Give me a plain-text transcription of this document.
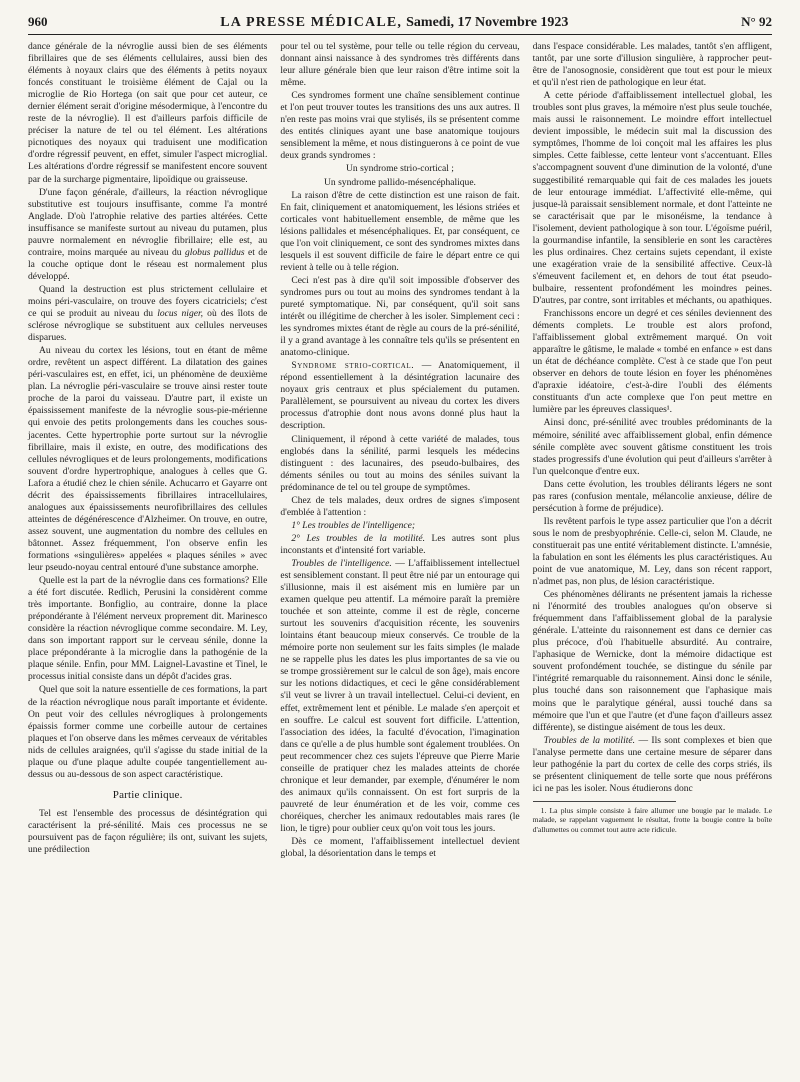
960	LA PRESSE MÉDICALE, Samedi, 17 Novembre 1923	N° 92

dance générale de la névroglie aussi bien de ses éléments fibrillaires que de ses éléments cellulaires, aussi bien des éléments à noyaux clairs que des éléments à petits noyaux foncés constituant le troisième élément de Cajal ou la microglie de Rio Hortega (on sait que pour cet auteur, ce dernier élément serait d'origine mésodermique, à l'encontre du reste de la névroglie). Il est d'ailleurs parfois difficile de préciser la nature de tel ou tel élément. Les altérations picnotiques des noyaux qui traduisent une modification d'ordre régressif peuvent, en effet, simuler l'aspect microglial. Les altérations d'ordre régressif se manifestent encore souvent par de la surcharge pigmentaire, lipoïdique ou graisseuse.

D'une façon générale, d'ailleurs, la réaction névroglique substitutive est toujours insuffisante, comme l'a montré Anglade. D'où l'atrophie relative des parties altérées. Cette insuffisance se manifeste surtout au niveau du putamen, plus pauvre normalement en névroglie fibrillaire; elle est, au contraire, moins marquée au niveau du globus pallidus et de la couche optique dont le réseau est normalement plus développé.

Quand la destruction est plus strictement cellulaire et moins péri-vasculaire, on trouve des foyers cicatriciels; c'est ce qui se produit au niveau du locus niger, où des îlots de sclérose névroglique se substituent aux cellules nerveuses disparues.

Au niveau du cortex les lésions, tout en étant de même ordre, revêtent un aspect différent. La dilatation des gaines péri-vasculaires est, en effet, ici, un phénomène de deuxième plan. La névroglie péri-vasculaire se trouve ainsi rester toute proche de la paroi du vaisseau. D'autre part, il existe un épaississement manifeste de la névroglie sous-pie-mérienne qui envoie des petits prolongements dans les couches sous-jacentes. Cette hypertrophie porte surtout sur la névroglie fibrillaire, mais il existe, en outre, des modifications des cellules névrogliques et de leurs prolongements, modifications souvent d'ordre hypertrophique, analogues à celles que G. Lafora a étudié chez le chien sénile. Achucarro et Gayarre ont décrit des épaississements fibrillaires intracellulaires, analogues aux épaississements neurofibrillaires des cellules atteintes de dégénérescence d'Alzheimer. On trouve, en outre, assez souvent, une augmentation du nombre des cellules en bâtonnet. Assez fréquemment, l'on observe enfin les formations «singulières» appelées « plaques séniles » avec leur pseudo-noyau central entouré d'une substance amorphe.

Quelle est la part de la névroglie dans ces formations? Elle a été fort discutée. Redlich, Perusini la considèrent comme très importante. Bonfiglio, au contraire, donne la place prépondérante à l'élément nerveux proprement dit. Marinesco considère la réaction névroglique comme secondaire. M. Ley, dans son important rapport sur le cerveau sénile, donne la place prépondérante à la microglie dans la pathogénie de la plaque sénile. Enfin, pour MM. Laignel-Lavastine et Tinel, le processus initial consiste dans un dépôt d'acides gras.

Quel que soit la nature essentielle de ces formations, la part de la réaction névroglique nous paraît importante et évidente. On peut voir des cellules névrogliques à prolongements épaissis former comme une corbeille autour de certaines plaques et l'on observe dans les mêmes cerveaux de véritables nids de cellules araignées, qu'il s'agisse du stade initial de la plaque ou d'une plaque adulte coupée tangentiellement au-dessus ou au-dessous de son aspect caractéristique.

Partie clinique.

Tel est l'ensemble des processus de désintégration qui caractérisent la pré-sénilité. Mais ces processus ne se poursuivent pas de façon régulière; ils ont, suivant les sujets, une prédilection

pour tel ou tel système, pour telle ou telle région du cerveau, donnant ainsi naissance à des syndromes très différents dans leur allure générale bien que leur raison d'être intime soit la même.

Ces syndromes forment une chaîne sensiblement continue et l'on peut trouver toutes les transitions des uns aux autres. Il n'en reste pas moins vrai que stylisés, ils se présentent comme des entités cliniques ayant une base anatomique toujours sensiblement la même, et nous distinguerons à ce point de vue deux grands syndromes :

Un syndrome strio-cortical ;

Un syndrome pallido-mésencéphalique.

La raison d'être de cette distinction est une raison de fait. En fait, cliniquement et anatomiquement, les lésions striées et corticales vont habituellement ensemble, de même que les lésions pallidales et mésencéphaliques. Et, par conséquent, ce que l'on voit cliniquement, ce sont des syndromes mixtes dans lesquels il est souvent difficile de faire le départ entre ce qui revient à telle ou à telle région.

Ceci n'est pas à dire qu'il soit impossible d'observer des syndromes purs ou tout au moins des syndromes tendant à la pureté symptomatique. Ni, par conséquent, qu'il soit sans intérêt ou illégitime de chercher à les isoler. Simplement ceci : les syndromes mixtes étant de règle au cours de la pré-sénilité, il y a grand avantage à les connaître tels qu'ils se présentent en anatomo-clinique.

Syndrome strio-cortical. — Anatomiquement, il répond essentiellement à la désintégration lacunaire des noyaux gris centraux et plus spécialement du putamen. Parallèlement, se poursuivent au niveau du cortex les divers processus d'atrophie dont nous avons donné plus haut la description.

Cliniquement, il répond à cette variété de malades, tous englobés dans la sénilité, parmi lesquels les médecins distinguent : des lacunaires, des pseudo-bulbaires, des déments séniles ou tout au moins des séniles suivant la prédominance de tel ou tel groupe de symptômes.

Chez de tels malades, deux ordres de signes s'imposent d'emblée à l'attention :

1° Les troubles de l'intelligence;

2° Les troubles de la motilité. Les autres sont plus inconstants et d'intensité fort variable.

Troubles de l'intelligence. — L'affaiblissement intellectuel est sensiblement constant. Il peut être nié par un entourage qui s'illusionne, mais il est aisément mis en lumière par un examen quelque peu attentif. La mémoire paraît la première touchée et son atteinte, comme il est de règle, concerne surtout les souvenirs d'acquisition récente, les souvenirs lointains étant beaucoup mieux conservés. Ce trouble de la mémoire porte non seulement sur les faits simples (le malade ne se rappelle plus les dates les plus importantes de sa vie ou se trompe grossièrement sur le calcul de son âge), mais encore sur les notions didactiques, et ceci le gêne considérablement s'il veut se livrer à un travail intellectuel. Celui-ci devient, en effet, extrêmement lent et pénible. Le malade s'en aperçoit et en souffre. Le calcul est souvent fort difficile. L'attention, l'association des idées, la faculté d'évocation, l'imagination dans ce qu'elle a de plus humble sont également troublées. On peut recommencer chez ces sujets l'épreuve que Pierre Marie conseille de pratiquer chez les malades atteints de chorée chronique et leur demander, par exemple, d'énumérer le nom des animaux qu'ils connaissent. On est fort surpris de la pauvreté de leur énumération et de les voir, comme ces choréiques, chercher les animaux redoutables mais rares (le lion, le tigre) pour oublier ceux qu'on voit tous les jours.

Dès ce moment, l'affaiblissement intellectuel devient global, la désorientation dans le temps et

dans l'espace considérable. Les malades, tantôt s'en affligent, tantôt, par une sorte d'illusion singulière, à rapprocher peut-être de l'anosognosie, considèrent que tout est pour le mieux et qu'il n'est rien de pathologique en leur état.

A cette période d'affaiblissement intellectuel global, les troubles sont plus graves, la mémoire n'est plus seule touchée, mais aussi le raisonnement. Le moindre effort intellectuel devient impossible, le médecin suit mal la discussion des symptômes, l'homme de loi conçoit mal les affaires les plus simples. Cette faiblesse, cette lenteur vont s'accentuant. Elles s'accompagnent souvent d'une diminution de la volonté, d'une suggestibilité remarquable qui fait de ces malades les jouets de leur entourage immédiat. L'affectivité elle-même, qui jusque-là paraissait sensiblement normale, et dont l'atteinte ne se caractérisait que par le misonéisme, la tendance à l'isolement, devient pathologique à son tour. L'égoïsme puéril, la gourmandise infantile, la sensiblerie en sont les caractères les plus ordinaires. Chez certains sujets cependant, il existe une exagération vraie de la sensibilité affective. Ceux-là s'émeuvent facilement et, en dehors de tout état pseudo-bulbaire, ressentent profondément les moindres peines. D'autres, par contre, sont irritables et méchants, ou apathiques.

Franchissons encore un degré et ces séniles deviennent des déments complets. Le trouble est alors profond, l'affaiblissement global extrêmement marqué. On voit apparaître le gâtisme, le malade « tombé en enfance » est dans un état de déchéance complète. C'est à ce stade que l'on peut observer en dehors de toute lésion en foyer les phénomènes d'apraxie idéatoire, c'est-à-dire l'oubli des éléments constituants d'un acte complexe que l'on peut mettre en lumière par les épreuves classiques¹.

Ainsi donc, pré-sénilité avec troubles prédominants de la mémoire, sénilité avec affaiblissement global, enfin démence sénile complète avec souvent gâtisme constituent les trois stades progressifs d'une évolution qui peut d'ailleurs s'arrêter à l'un quelconque d'entre eux.

Dans cette évolution, les troubles délirants légers ne sont pas rares (confusion mentale, mélancolie anxieuse, délire de persécution à forme de préjudice).

Ils revêtent parfois le type assez particulier que l'on a décrit sous le nom de presbyophrénie. Celle-ci, selon M. Claude, ne constituerait pas une entité véritablement distincte. L'amnésie, la fabulation en sont les éléments les plus caractéristiques. Au point de vue anatomique, M. Ley, dans son récent rapport, n'admet pas, non plus, de lésion caractéristique.

Ces phénomènes délirants ne présentent jamais la richesse ni l'énormité des troubles analogues qu'on observe si fréquemment dans l'affaiblissement global de la paralysie générale. L'atteinte du raisonnement est dans ce dernier cas plus précoce, d'où l'habituelle absurdité. Au contraire, l'aphasique de Wernicke, dont la mémoire didactique est souvent profondément touchée, se distingue du sénile par l'intégrité remarquable du raisonnement. Ainsi donc le sénile, plus touché dans son raisonnement que l'aphasique mais moins que le paralytique général, aussi touché dans sa mémoire que l'un et que l'autre (et d'une façon d'ailleurs assez différente), se distingue aisément de tous les deux.

Troubles de la motilité. — Ils sont complexes et bien que l'analyse permette dans une certaine mesure de séparer dans leur pathogénie la part du cortex de celle des corps striés, ils se présentent cliniquement de telle sorte que nous préférons ici ne pas les isoler. Nous étudierons donc

1. La plus simple consiste à faire allumer une bougie par le malade. Le malade, se rappelant vaguement le résultat, frotte la bougie contre la boîte d'allumettes ou commet tout autre acte ridicule.
